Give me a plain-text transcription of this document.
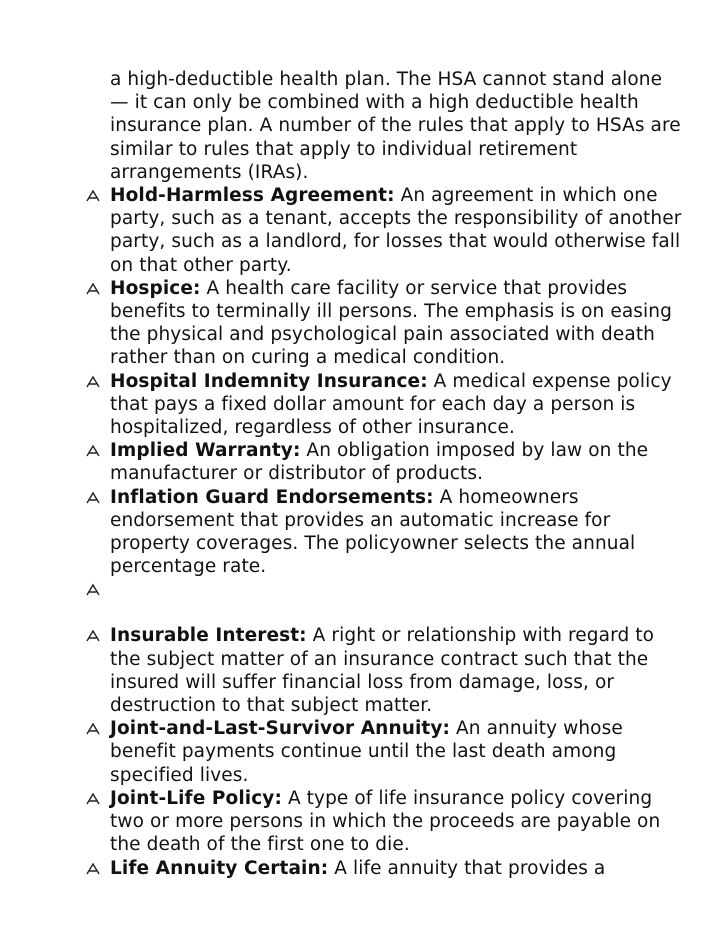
a high-deductible health plan. The HSA cannot stand alone — it can only be combined with a high deductible health insurance plan. A number of the rules that apply to HSAs are similar to rules that apply to individual retirement arrangements (IRAs).
Hold-Harmless Agreement: An agreement in which one party, such as a tenant, accepts the responsibility of another party, such as a landlord, for losses that would otherwise fall on that other party.
Hospice: A health care facility or service that provides benefits to terminally ill persons. The emphasis is on easing the physical and psychological pain associated with death rather than on curing a medical condition.
Hospital Indemnity Insurance: A medical expense policy that pays a fixed dollar amount for each day a person is hospitalized, regardless of other insurance.
Implied Warranty: An obligation imposed by law on the manufacturer or distributor of products.
Inflation Guard Endorsements: A homeowners endorsement that provides an automatic increase for property coverages. The policyowner selects the annual percentage rate.
Insurable Interest: A right or relationship with regard to the subject matter of an insurance contract such that the insured will suffer financial loss from damage, loss, or destruction to that subject matter.
Joint-and-Last-Survivor Annuity: An annuity whose benefit payments continue until the last death among specified lives.
Joint-Life Policy: A type of life insurance policy covering two or more persons in which the proceeds are payable on the death of the first one to die.
Life Annuity Certain: A life annuity that provides a
